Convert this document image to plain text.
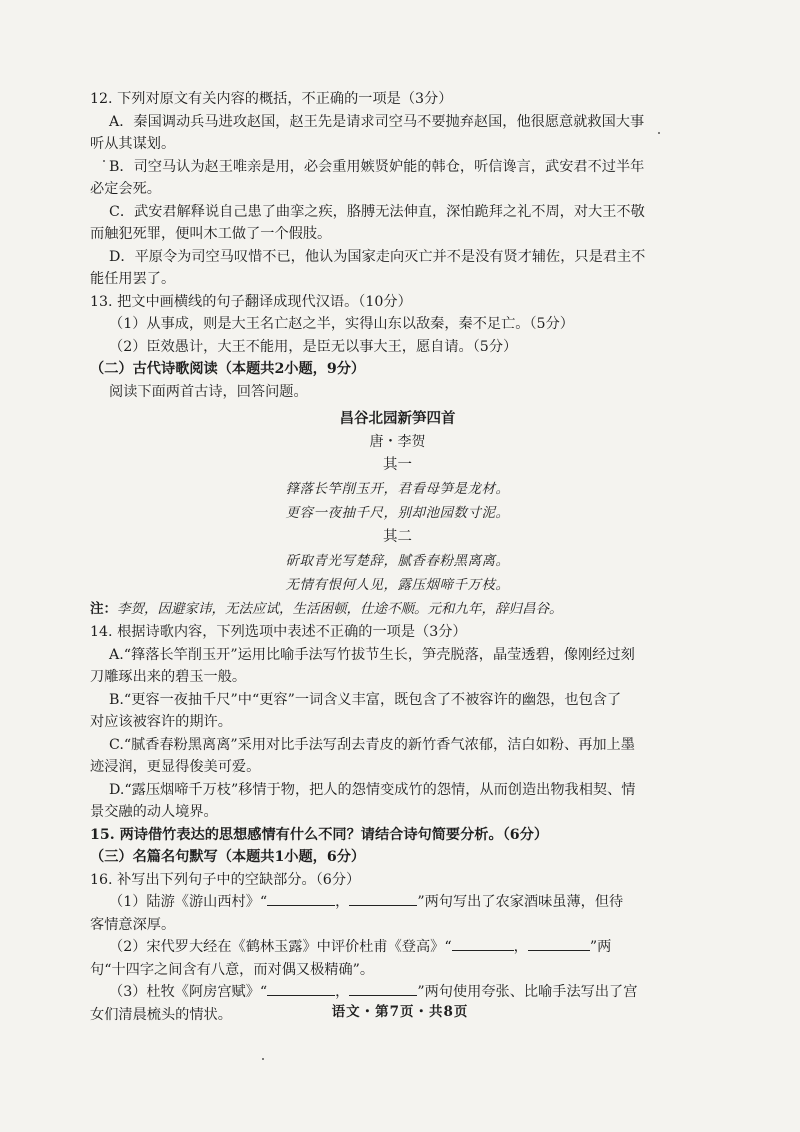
12. 下列对原文有关内容的概括，不正确的一项是（3分）
A．秦国调动兵马进攻赵国，赵王先是请求司空马不要抛弃赵国，他很愿意就救国大事
听从其谋划。
B．司空马认为赵王唯亲是用，必会重用嫉贤妒能的韩仓，听信谗言，武安君不过半年
必定会死。
C．武安君解释说自己患了曲挛之疾，胳膊无法伸直，深怕跪拜之礼不周，对大王不敬
而触犯死罪，便叫木工做了一个假肢。
D．平原令为司空马叹惜不已，他认为国家走向灭亡并不是没有贤才辅佐，只是君主不
能任用罢了。
13. 把文中画横线的句子翻译成现代汉语。（10分）
（1）从事成，则是大王名亡赵之半，实得山东以敌秦，秦不足亡。（5分）
（2）臣效愚计，大王不能用，是臣无以事大王，愿自请。（5分）
（二）古代诗歌阅读（本题共2小题，9分）
阅读下面两首古诗，回答问题。
昌谷北园新笋四首
唐・李贺
其一
箨落长竿削玉开，君看母笋是龙材。
更容一夜抽千尺，别却池园数寸泥。
其二
斫取青光写楚辞，腻香春粉黑离离。
无情有恨何人见，露压烟啼千万枝。
注：李贺，因避家讳，无法应试，生活困顿，仕途不顺。元和九年，辞归昌谷。
14. 根据诗歌内容，下列选项中表述不正确的一项是（3分）
A.“箨落长竿削玉开”运用比喻手法写竹拔节生长，笋壳脱落，晶莹透碧，像刚经过刻
刀雕琢出来的碧玉一般。
B.“更容一夜抽千尺”中“更容”一词含义丰富，既包含了不被容许的幽怨，也包含了
对应该被容许的期许。
C.“腻香春粉黑离离”采用对比手法写刮去青皮的新竹香气浓郁，洁白如粉、再加上墨
迹浸润，更显得俊美可爱。
D.“露压烟啼千万枝”移情于物，把人的怨情变成竹的怨情，从而创造出物我相契、情
景交融的动人境界。
15. 两诗借竹表达的思想感情有什么不同？请结合诗句简要分析。（6分）
（三）名篇名句默写（本题共1小题，6分）
16. 补写出下列句子中的空缺部分。（6分）
（1）陆游《游山西村》“	，	”两句写出了农家酒味虽薄，但待
客情意深厚。
（2）宋代罗大经在《鹤林玉露》中评价杜甫《登高》“	，	”两
句“十四字之间含有八意，而对偶又极精确”。
（3）杜牧《阿房宫赋》“	，	”两句使用夸张、比喻手法写出了宫
女们清晨梳头的情状。	语文・第7页・共8页
